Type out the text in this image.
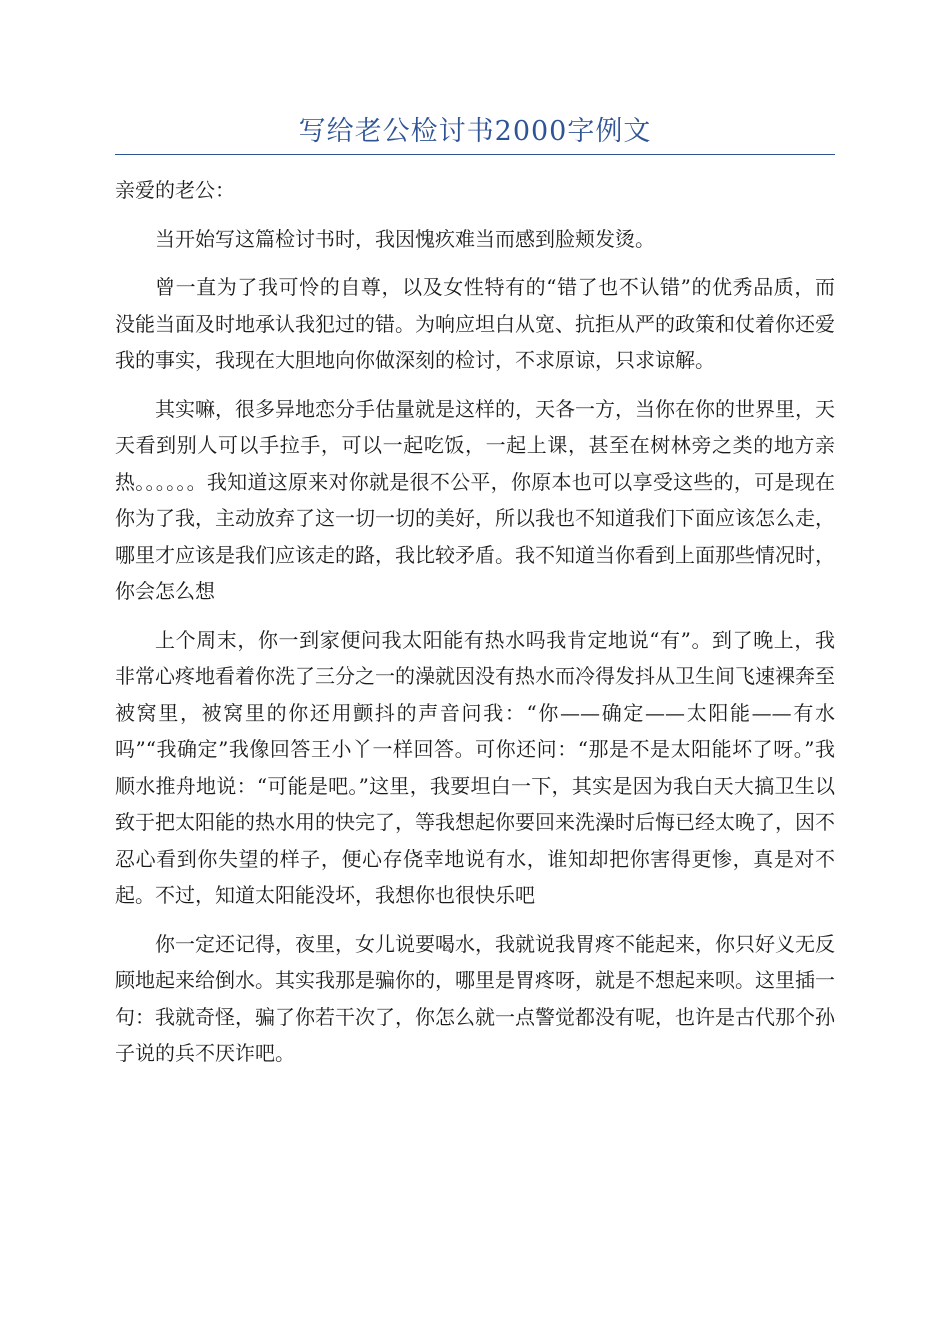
写给老公检讨书2000字例文

亲爱的老公：

当开始写这篇检讨书时，我因愧疚难当而感到脸颊发烫。

曾一直为了我可怜的自尊，以及女性特有的“错了也不认错”的优秀品质，而没能当面及时地承认我犯过的错。为响应坦白从宽、抗拒从严的政策和仗着你还爱我的事实，我现在大胆地向你做深刻的检讨，不求原谅，只求谅解。

其实嘛，很多异地恋分手估量就是这样的，天各一方，当你在你的世界里，天天看到别人可以手拉手，可以一起吃饭，一起上课，甚至在树林旁之类的地方亲热。。。。。。我知道这原来对你就是很不公平，你原本也可以享受这些的，可是现在你为了我，主动放弃了这一切一切的美好，所以我也不知道我们下面应该怎么走，哪里才应该是我们应该走的路，我比较矛盾。我不知道当你看到上面那些情况时，你会怎么想

上个周末，你一到家便问我太阳能有热水吗我肯定地说“有”。到了晚上，我非常心疼地看着你洗了三分之一的澡就因没有热水而冷得发抖从卫生间飞速裸奔至被窝里，被窝里的你还用颤抖的声音问我：“你——确定——太阳能——有水吗”“我确定”我像回答王小丫一样回答。可你还问：“那是不是太阳能坏了呀。”我顺水推舟地说：“可能是吧。”这里，我要坦白一下，其实是因为我白天大搞卫生以致于把太阳能的热水用的快完了，等我想起你要回来洗澡时后悔已经太晚了，因不忍心看到你失望的样子，便心存侥幸地说有水，谁知却把你害得更惨，真是对不起。不过，知道太阳能没坏，我想你也很快乐吧

你一定还记得，夜里，女儿说要喝水，我就说我胃疼不能起来，你只好义无反顾地起来给倒水。其实我那是骗你的，哪里是胃疼呀，就是不想起来呗。这里插一句：我就奇怪，骗了你若干次了，你怎么就一点警觉都没有呢，也许是古代那个孙子说的兵不厌诈吧。
